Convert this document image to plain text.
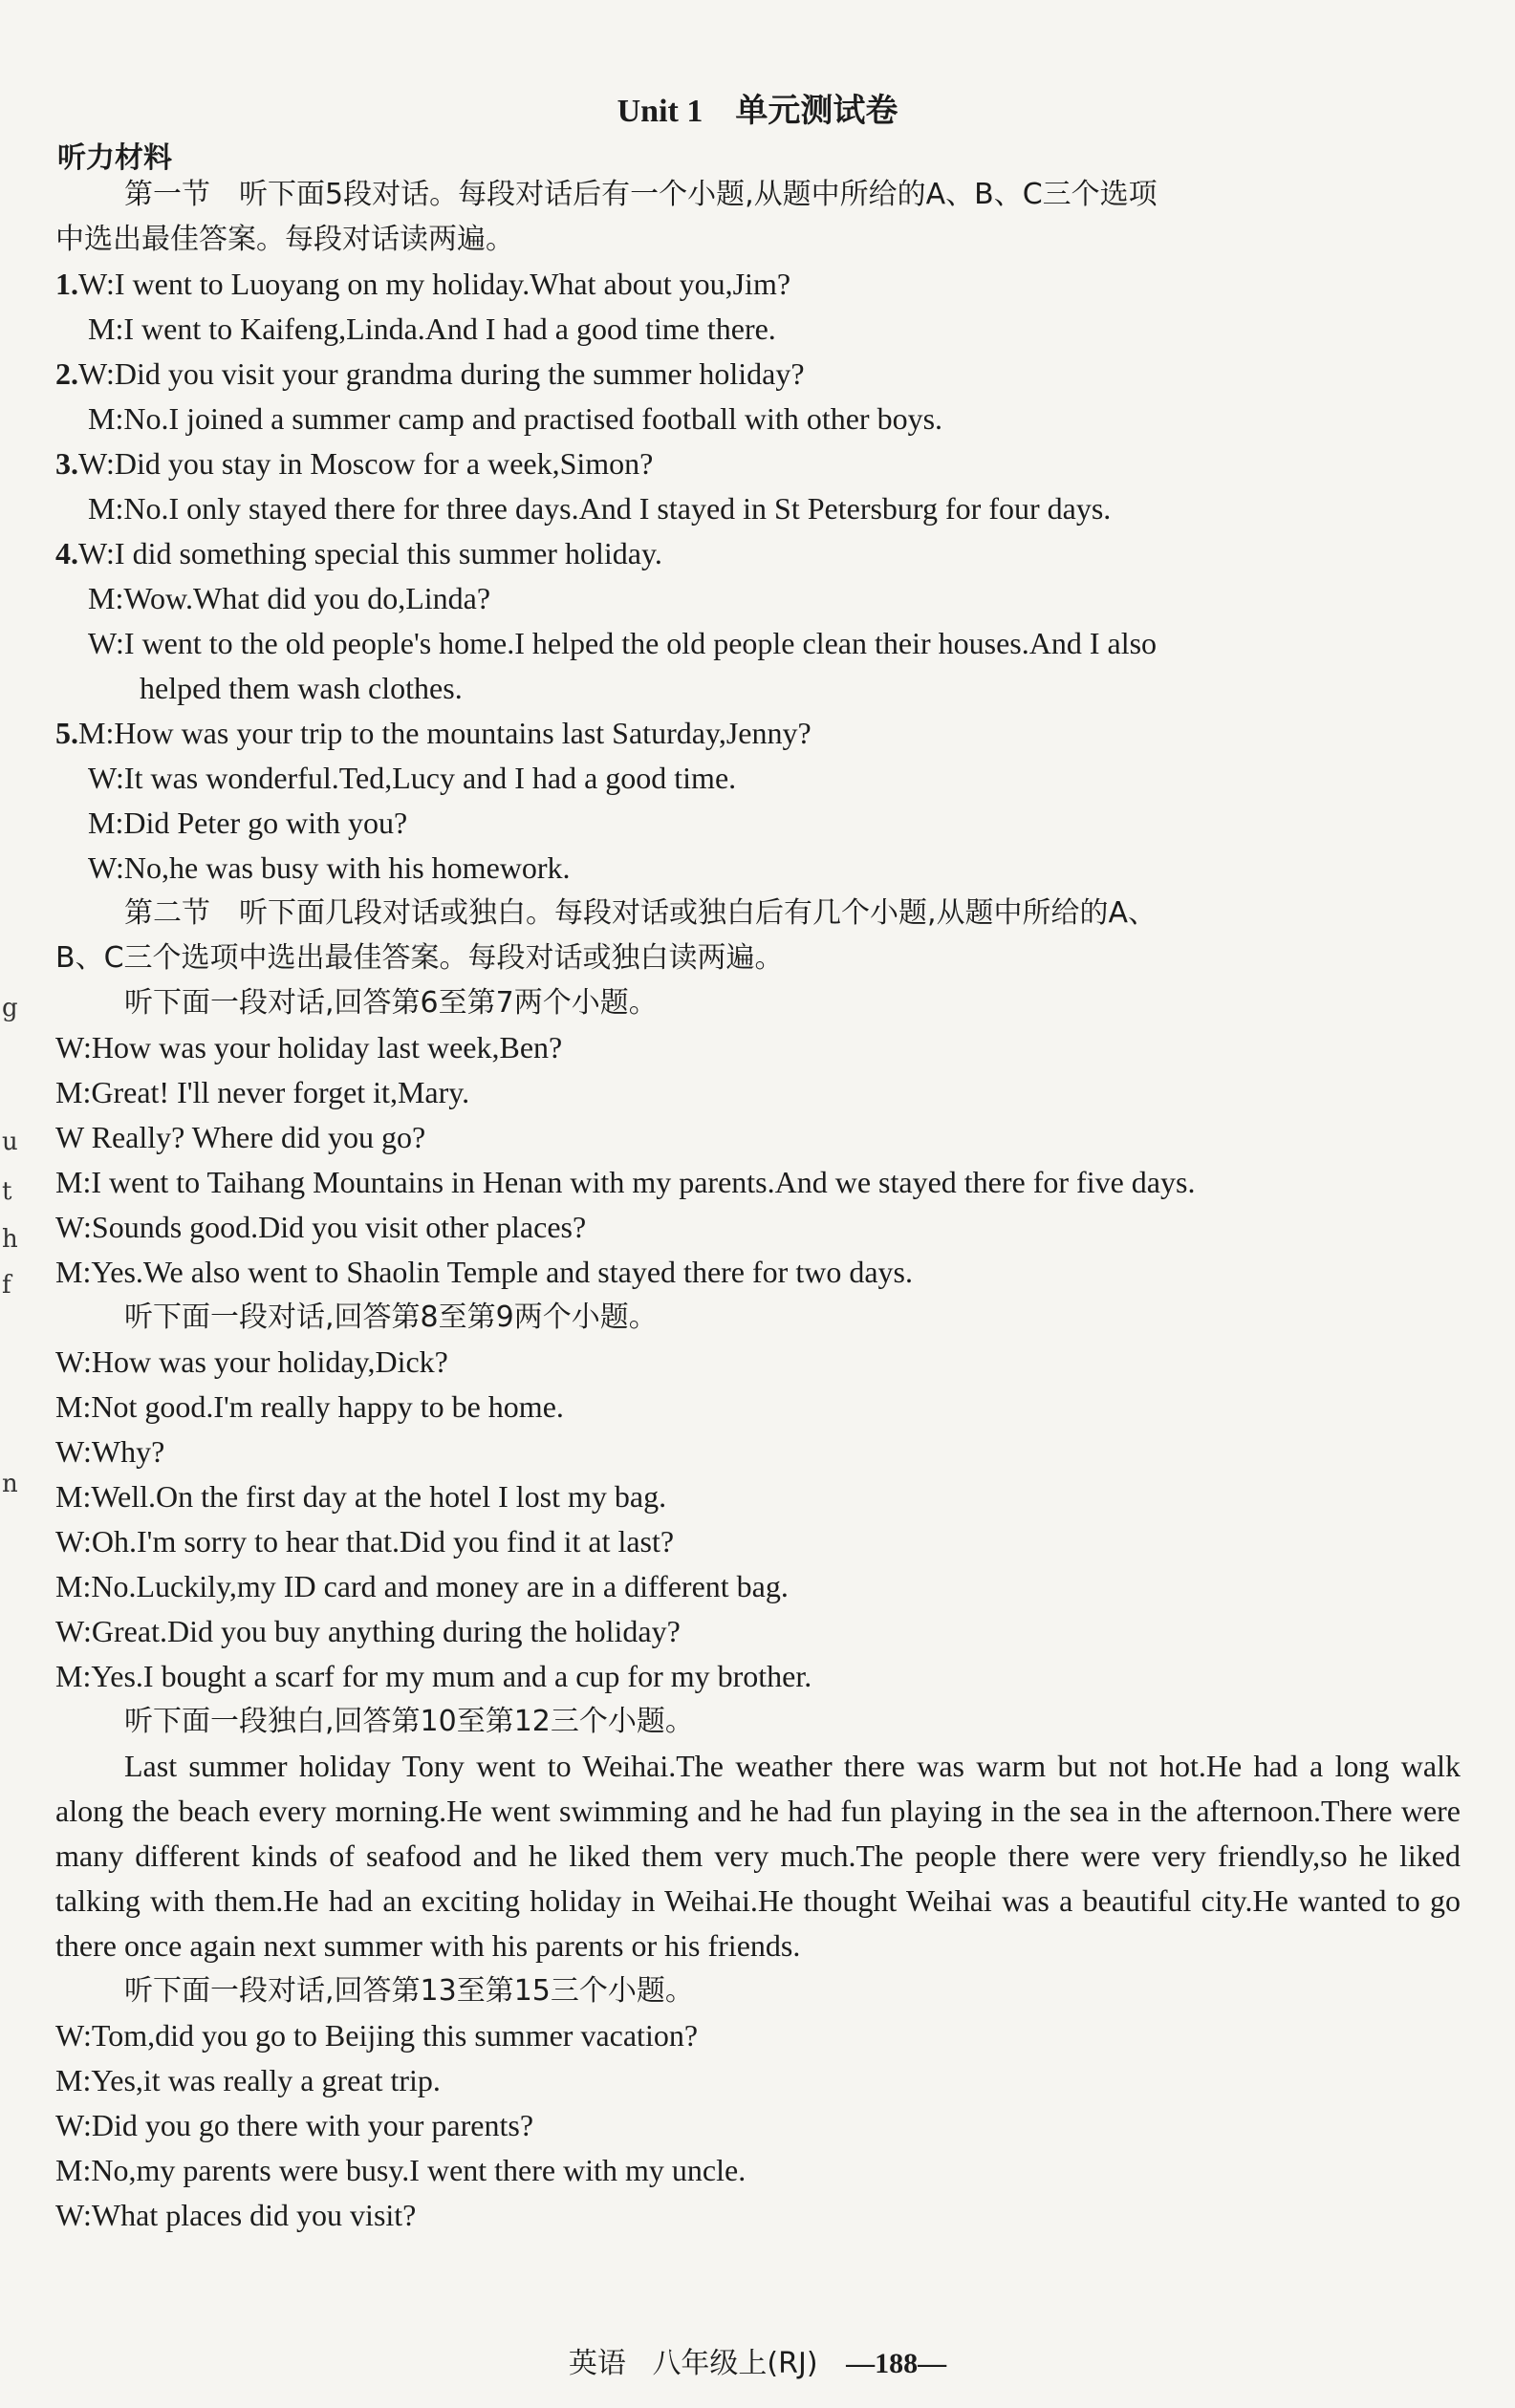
Unit 1　单元测试卷
听力材料
第一节　听下面5段对话。每段对话后有一个小题,从题中所给的A、B、C三个选项
中选出最佳答案。每段对话读两遍。
1.W:I went to Luoyang on my holiday.What about you,Jim?
M:I went to Kaifeng,Linda.And I had a good time there.
2.W:Did you visit your grandma during the summer holiday?
M:No.I joined a summer camp and practised football with other boys.
3.W:Did you stay in Moscow for a week,Simon?
M:No.I only stayed there for three days.And I stayed in St Petersburg for four days.
4.W:I did something special this summer holiday.
M:Wow.What did you do,Linda?
W:I went to the old people's home.I helped the old people clean their houses.And I also
helped them wash clothes.
5.M:How was your trip to the mountains last Saturday,Jenny?
W:It was wonderful.Ted,Lucy and I had a good time.
M:Did Peter go with you?
W:No,he was busy with his homework.
第二节　听下面几段对话或独白。每段对话或独白后有几个小题,从题中所给的A、
B、C三个选项中选出最佳答案。每段对话或独白读两遍。
听下面一段对话,回答第6至第7两个小题。
W:How was your holiday last week,Ben?
M:Great! I'll never forget it,Mary.
W Really? Where did you go?
M:I went to Taihang Mountains in Henan with my parents.And we stayed there for five days.
W:Sounds good.Did you visit other places?
M:Yes.We also went to Shaolin Temple and stayed there for two days.
听下面一段对话,回答第8至第9两个小题。
W:How was your holiday,Dick?
M:Not good.I'm really happy to be home.
W:Why?
M:Well.On the first day at the hotel I lost my bag.
W:Oh.I'm sorry to hear that.Did you find it at last?
M:No.Luckily,my ID card and money are in a different bag.
W:Great.Did you buy anything during the holiday?
M:Yes.I bought a scarf for my mum and a cup for my brother.
听下面一段独白,回答第10至第12三个小题。
Last summer holiday Tony went to Weihai.The weather there was warm but not hot.He had a long walk along the beach every morning.He went swimming and he had fun playing in the sea in the afternoon.There were many different kinds of seafood and he liked them very much.The people there were very friendly,so he liked talking with them.He had an exciting holiday in Weihai.He thought Weihai was a beautiful city.He wanted to go there once again next summer with his parents or his friends.
听下面一段对话,回答第13至第15三个小题。
W:Tom,did you go to Beijing this summer vacation?
M:Yes,it was really a great trip.
W:Did you go there with your parents?
M:No,my parents were busy.I went there with my uncle.
W:What places did you visit?
g
u
t
h
f
n
英语 八年级上(RJ) —188—
